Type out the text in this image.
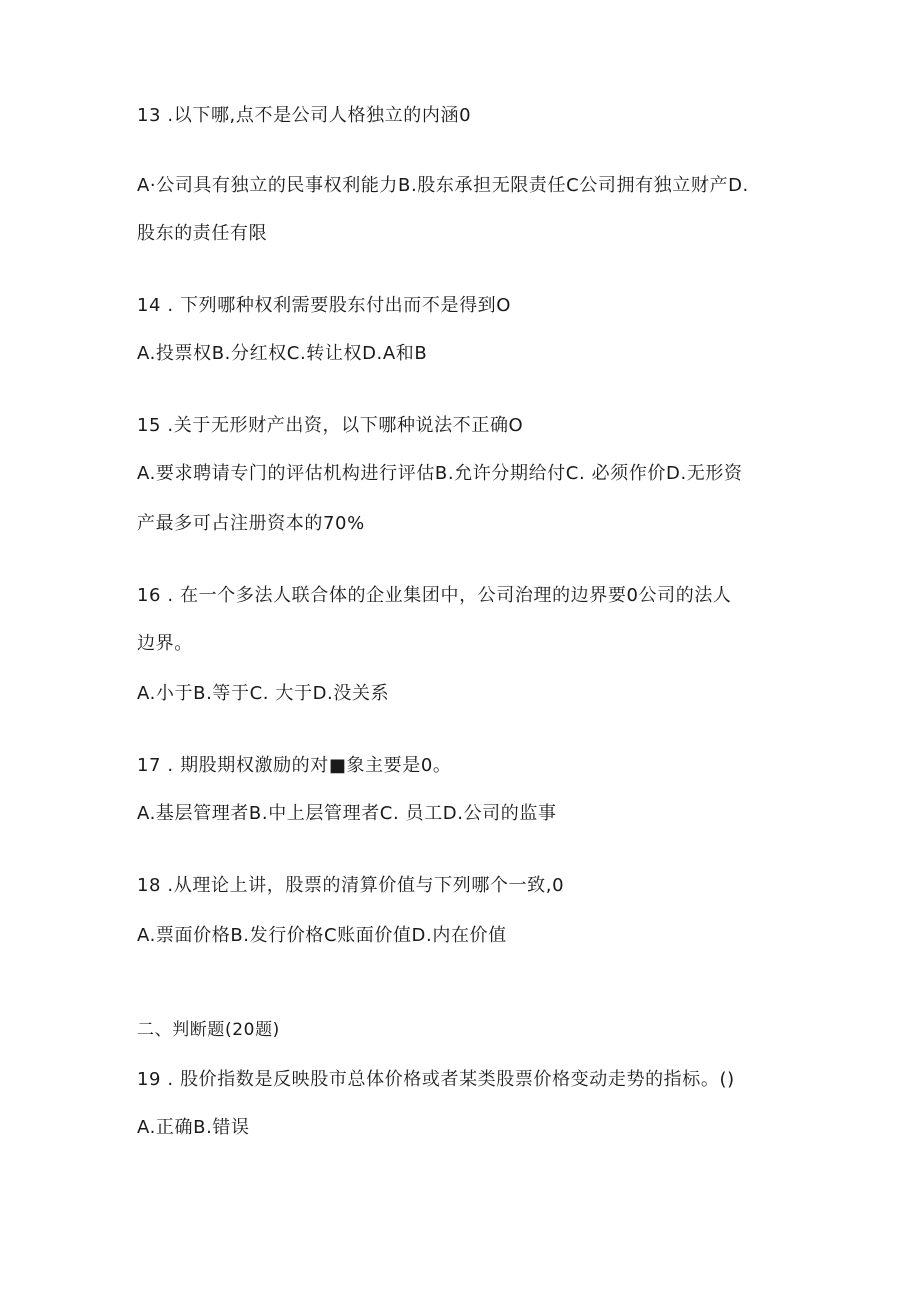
13 .以下哪,点不是公司人格独立的内涵0

A·公司具有独立的民事权利能力B.股东承担无限责任C公司拥有独立财产D.

股东的责任有限

14 . 下列哪种权利需要股东付出而不是得到O

A.投票权B.分红权C.转让权D.A和B

15 .关于无形财产出资，以下哪种说法不正确O

A.要求聘请专门的评估机构进行评估B.允许分期给付C. 必须作价D.无形资

产最多可占注册资本的70%

16 . 在一个多法人联合体的企业集团中，公司治理的边界要0公司的法人

边界。

A.小于B.等于C. 大于D.没关系

17 . 期股期权激励的对■象主要是0。

A.基层管理者B.中上层管理者C. 员工D.公司的监事

18 .从理论上讲，股票的清算价值与下列哪个一致,0

A.票面价格B.发行价格C账面价值D.内在价值

二、判断题(20题)

19 . 股价指数是反映股市总体价格或者某类股票价格变动走势的指标。()

A.正确B.错误
